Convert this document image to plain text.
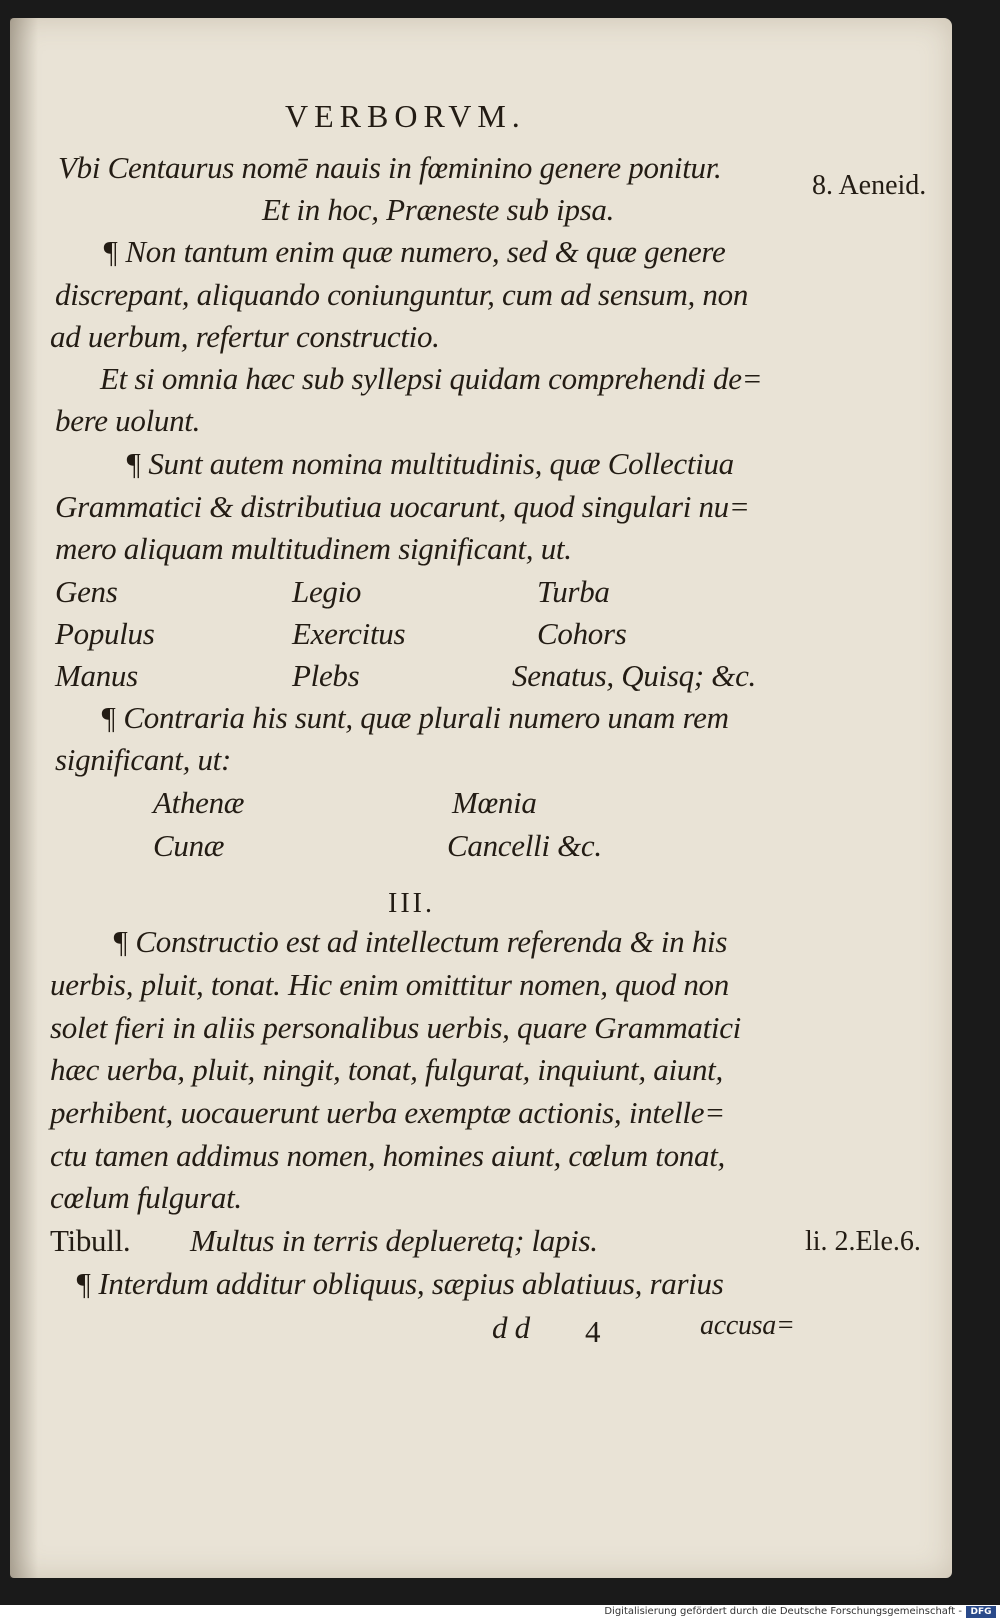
VERBORVM.
8. Aeneid.
Vbi Centaurus nomē nauis in fœminino genere ponitur.
Et in hoc, Præneste sub ipsa.
¶ Non tantum enim quæ numero, sed & quæ genere
discrepant, aliquando coniunguntur, cum ad sensum, non
ad uerbum, refertur constructio.
Et si omnia hæc sub syllepsi quidam comprehendi de=
bere uolunt.
¶ Sunt autem nomina multitudinis, quæ Collectiua
Grammatici & distributiua uocarunt, quod singulari nu=
mero aliquam multitudinem significant, ut.
Gens	Legio	Turba
Populus	Exercitus	Cohors
Manus	Plebs	Senatus, Quisq; &c.
¶ Contraria his sunt, quæ plurali numero unam rem
significant, ut:
Athenæ	Mœnia
Cunæ	Cancelli &c.
III.
¶ Constructio est ad intellectum referenda & in his
uerbis, pluit, tonat. Hic enim omittitur nomen, quod non
solet fieri in aliis personalibus uerbis, quare Grammatici
hæc uerba, pluit, ningit, tonat, fulgurat, inquiunt, aiunt,
perhibent, uocauerunt uerba exemptæ actionis, intelle=
ctu tamen addimus nomen, homines aiunt, cœlum tonat,
cœlum fulgurat.
Tibull. Multus in terris deplueretq; lapis.	li. 2.Ele.6.
¶ Interdum additur obliquus, sæpius ablatiuus, rarius
d d 4	accusa=
Digitalisierung gefördert durch die Deutsche Forschungsgemeinschaft - DFG
